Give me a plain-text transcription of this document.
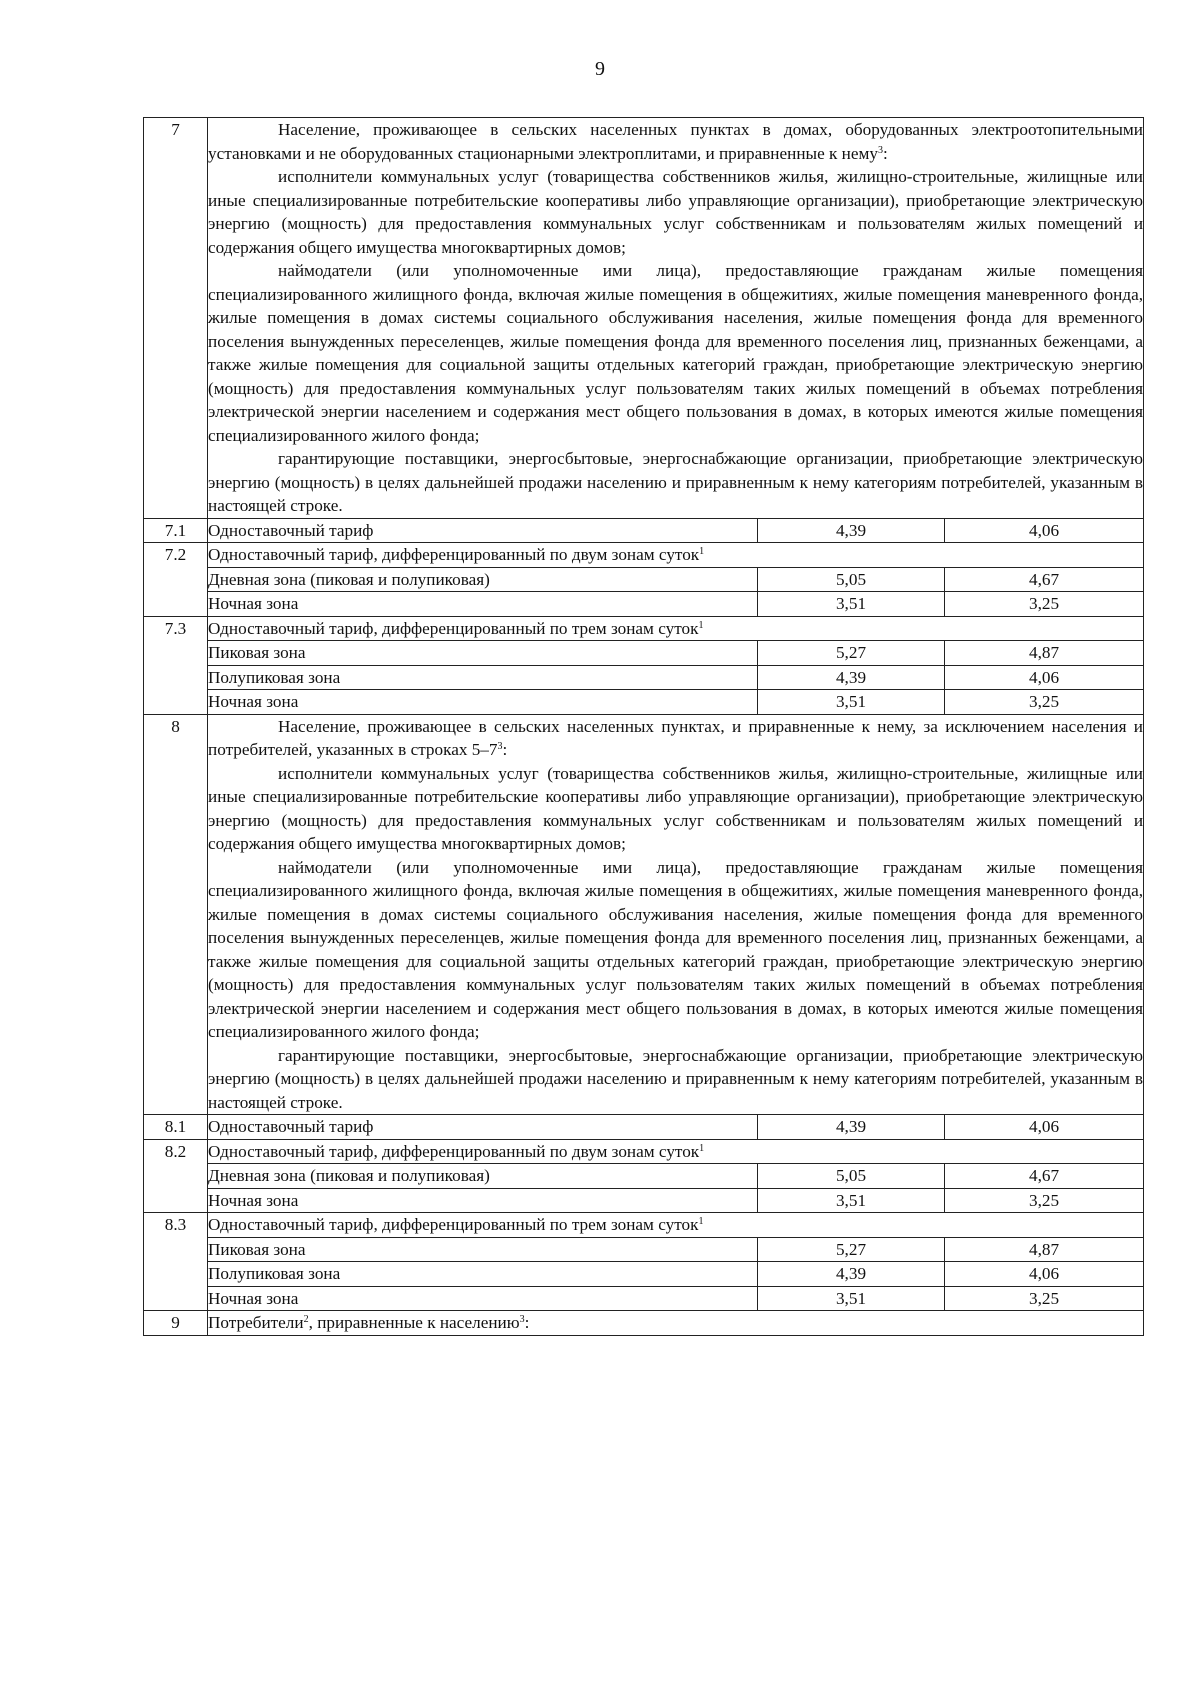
9
7	Население, проживающее в сельских населенных пунктах в домах, оборудованных электроотопительными установками и не оборудованных стационарными электроплитами, и приравненные к нему$^3$:
исполнители коммунальных услуг (товарищества собственников жилья, жилищно-строительные, жилищные или иные специализированные потребительские кооперативы либо управляющие организации), приобретающие электрическую энергию (мощность) для предоставления коммунальных услуг собственникам и пользователям жилых помещений и содержания общего имущества многоквартирных домов;
наймодатели (или уполномоченные ими лица), предоставляющие гражданам жилые помещения специализированного жилищного фонда, включая жилые помещения в общежитиях, жилые помещения маневренного фонда, жилые помещения в домах системы социального обслуживания населения, жилые помещения фонда для временного поселения вынужденных переселенцев, жилые помещения фонда для временного поселения лиц, признанных беженцами, а также жилые помещения для социальной защиты отдельных категорий граждан, приобретающие электрическую энергию (мощность) для предоставления коммунальных услуг пользователям таких жилых помещений в объемах потребления электрической энергии населением и содержания мест общего пользования в домах, в которых имеются жилые помещения специализированного жилого фонда;
гарантирующие поставщики, энергосбытовые, энергоснабжающие организации, приобретающие электрическую энергию (мощность) в целях дальнейшей продажи населению и приравненным к нему категориям потребителей, указанным в настоящей строке.		

7.1	Одноставочный тариф	4,39	4,06
7.2	Одноставочный тариф, дифференцированный по двум зонам суток$^1$
	Дневная зона (пиковая и полупиковая)	5,05	4,67
	Ночная зона	3,51	3,25
7.3	Одноставочный тариф, дифференцированный по трем зонам суток$^1$
	Пиковая зона	5,27	4,87
	Полупиковая зона	4,39	4,06
	Ночная зона	3,51	3,25
8	Население, проживающее в сельских населенных пунктах, и приравненные к нему, за исключением населения и потребителей, указанных в строках $5-7^3$:
исполнители коммунальных услуг (товарищества собственников жилья, жилищно-строительные, жилищные или иные специализированные потребительские кооперативы либо управляющие организации), приобретающие электрическую энергию (мощность) для предоставления коммунальных услуг собственникам и пользователям жилых помещений и содержания общего имущества многоквартирных домов;
наймодатели (или уполномоченные ими лица), предоставляющие гражданам жилые помещения специализированного жилищного фонда, включая жилые помещения в общежитиях, жилые помещения маневренного фонда, жилые помещения в домах системы социального обслуживания населения, жилые помещения фонда для временного поселения вынужденных переселенцев, жилые помещения фонда для временного поселения лиц, признанных беженцами, а также жилые помещения для социальной защиты отдельных категорий граждан, приобретающие электрическую энергию (мощность) для предоставления коммунальных услуг пользователям таких жилых помещений в объемах потребления электрической энергии населением и содержания мест общего пользования в домах, в которых имеются жилые помещения специализированного жилого фонда;
гарантирующие поставщики, энергосбытовые, энергоснабжающие организации, приобретающие электрическую энергию (мощность) в целях дальнейшей продажи населению и приравненным к нему категориям потребителей, указанным в настоящей строке.		

8.1	Одноставочный тариф	4,39	4,06
8.2	Одноставочный тариф, дифференцированный по двум зонам суток$^1$
	Дневная зона (пиковая и полупиковая)	5,05	4,67
	Ночная зона	3,51	3,25
8.3	Одноставочный тариф, дифференцированный по трем зонам суток$^1$
	Пиковая зона	5,27	4,87
	Полупиковая зона	4,39	4,06
	Ночная зона	3,51	3,25
9	Потребители$^2$, приравненные к населению$^3$:		
